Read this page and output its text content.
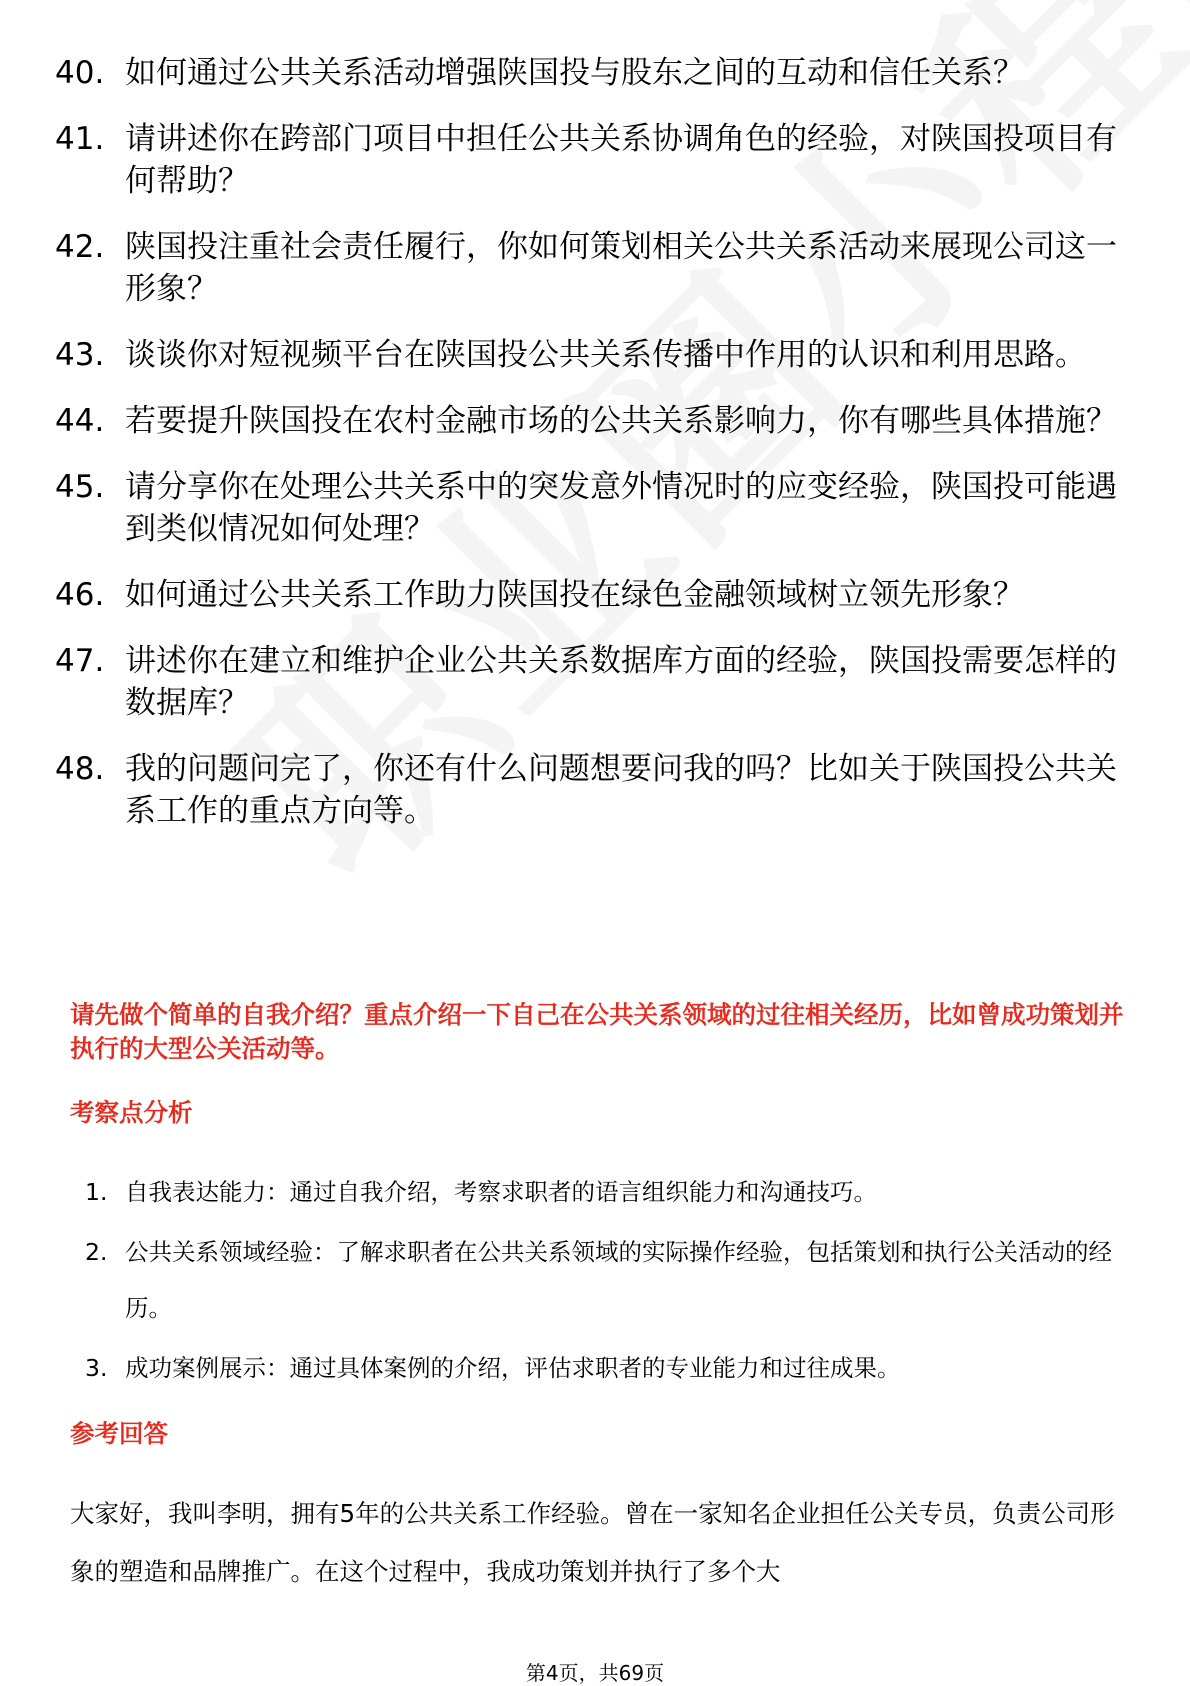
40. 如何通过公共关系活动增强陕国投与股东之间的互动和信任关系？
41. 请讲述你在跨部门项目中担任公共关系协调角色的经验，对陕国投项目有何帮助？
42. 陕国投注重社会责任履行，你如何策划相关公共关系活动来展现公司这一形象？
43. 谈谈你对短视频平台在陕国投公共关系传播中作用的认识和利用思路。
44. 若要提升陕国投在农村金融市场的公共关系影响力，你有哪些具体措施？
45. 请分享你在处理公共关系中的突发意外情况时的应变经验，陕国投可能遇到类似情况如何处理？
46. 如何通过公共关系工作助力陕国投在绿色金融领域树立领先形象？
47. 讲述你在建立和维护企业公共关系数据库方面的经验，陕国投需要怎样的数据库？
48. 我的问题问完了，你还有什么问题想要问我的吗？比如关于陕国投公共关系工作的重点方向等。
请先做个简单的自我介绍？重点介绍一下自己在公共关系领域的过往相关经历，比如曾成功策划并执行的大型公关活动等。
考察点分析
1. 自我表达能力：通过自我介绍，考察求职者的语言组织能力和沟通技巧。
2. 公共关系领域经验：了解求职者在公共关系领域的实际操作经验，包括策划和执行公关活动的经历。
3. 成功案例展示：通过具体案例的介绍，评估求职者的专业能力和过往成果。
参考回答
大家好，我叫李明，拥有5年的公共关系工作经验。曾在一家知名企业担任公关专员，负责公司形象的塑造和品牌推广。在这个过程中，我成功策划并执行了多个大
第4页，共69页
